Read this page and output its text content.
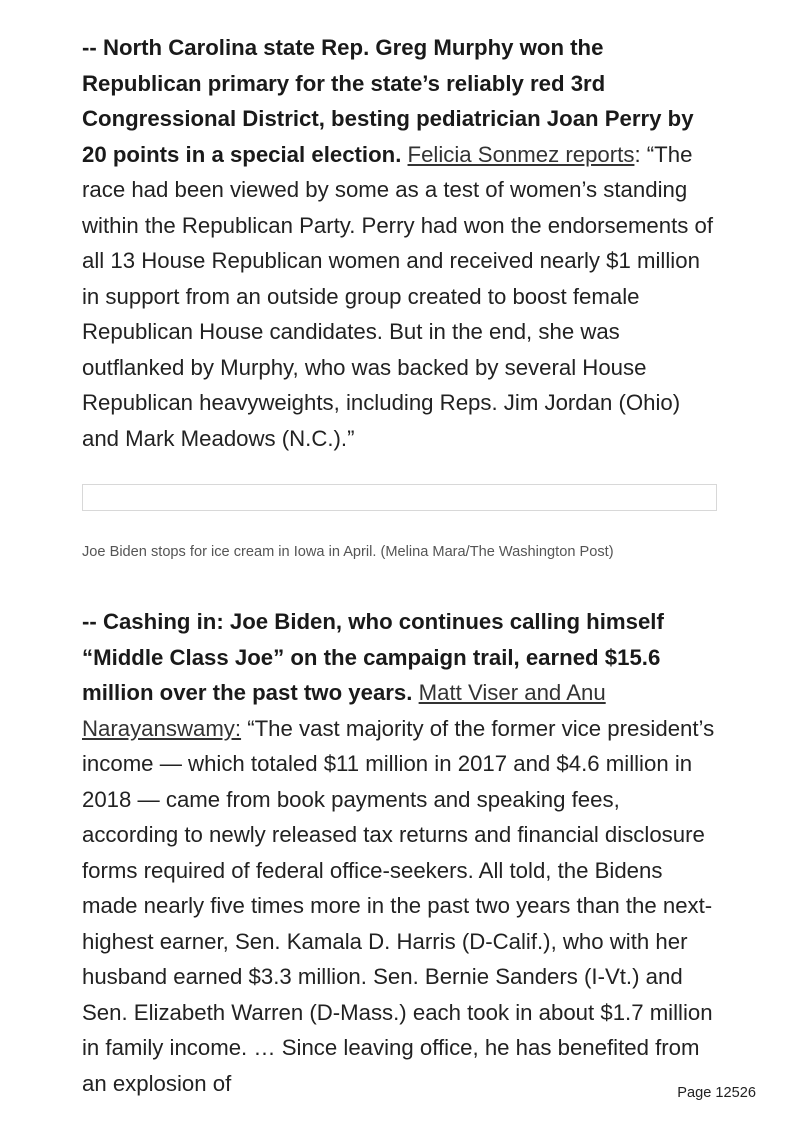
-- North Carolina state Rep. Greg Murphy won the Republican primary for the state’s reliably red 3rd Congressional District, besting pediatrician Joan Perry by 20 points in a special election. Felicia Sonmez reports: “The race had been viewed by some as a test of women’s standing within the Republican Party. Perry had won the endorsements of all 13 House Republican women and received nearly $1 million in support from an outside group created to boost female Republican House candidates. But in the end, she was outflanked by Murphy, who was backed by several House Republican heavyweights, including Reps. Jim Jordan (Ohio) and Mark Meadows (N.C.).”

Joe Biden stops for ice cream in Iowa in April. (Melina Mara/The Washington Post)

-- Cashing in: Joe Biden, who continues calling himself “Middle Class Joe” on the campaign trail, earned $15.6 million over the past two years. Matt Viser and Anu Narayanswamy: “The vast majority of the former vice president’s income — which totaled $11 million in 2017 and $4.6 million in 2018 — came from book payments and speaking fees, according to newly released tax returns and financial disclosure forms required of federal office-seekers. All told, the Bidens made nearly five times more in the past two years than the next- highest earner, Sen. Kamala D. Harris (D-Calif.), who with her husband earned $3.3 million. Sen. Bernie Sanders (I-Vt.) and Sen. Elizabeth Warren (D-Mass.) each took in about $1.7 million in family income. … Since leaving office, he has benefited from an explosion of	Page 12526
